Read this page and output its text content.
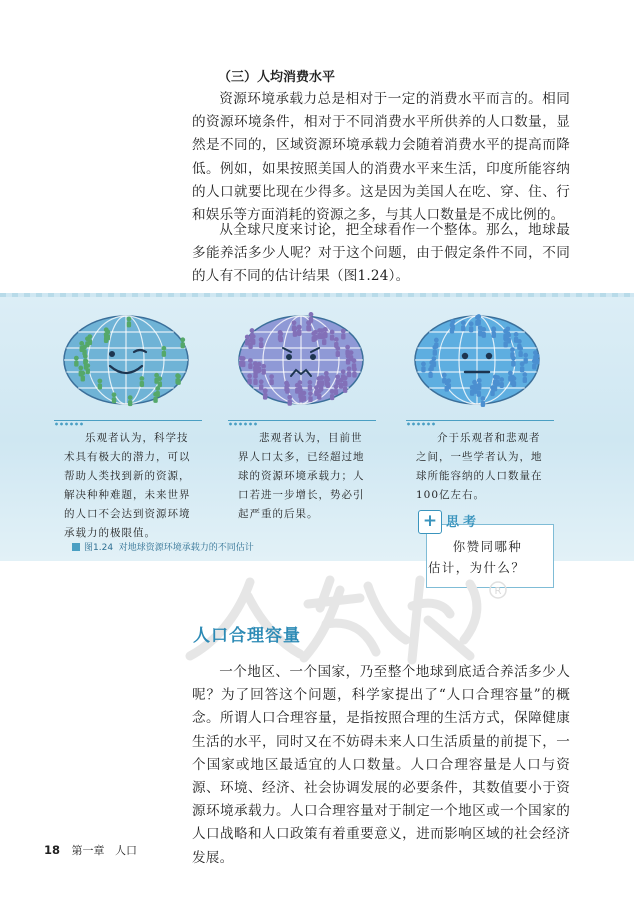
（三）人均消费水平

资源环境承载力总是相对于一定的消费水平而言的。相同的资源环境条件，相对于不同消费水平所供养的人口数量，显然是不同的，区域资源环境承载力会随着消费水平的提高而降低。例如，如果按照美国人的消费水平来生活，印度所能容纳的人口就要比现在少得多。这是因为美国人在吃、穿、住、行和娱乐等方面消耗的资源之多，与其人口数量是不成比例的。

从全球尺度来讨论，把全球看作一个整体。那么，地球最多能养活多少人呢？对于这个问题，由于假定条件不同，不同的人有不同的估计结果（图1.24）。

乐观者认为，科学技术具有极大的潜力，可以帮助人类找到新的资源，解决种种难题，未来世界的人口不会达到资源环境承载力的极限值。

悲观者认为，目前世界人口太多，已经超过地球的资源环境承载力；人口若进一步增长，势必引起严重的后果。

介于乐观者和悲观者之间，一些学者认为，地球所能容纳的人口数量在100亿左右。

图1.24 对地球资源环境承载力的不同估计
+ 思考
你赞同哪种
估计，为什么？
R
人口合理容量

一个地区、一个国家，乃至整个地球到底适合养活多少人呢？为了回答这个问题，科学家提出了“人口合理容量”的概念。所谓人口合理容量，是指按照合理的生活方式，保障健康生活的水平，同时又在不妨碍未来人口生活质量的前提下，一个国家或地区最适宜的人口数量。人口合理容量是人口与资源、环境、经济、社会协调发展的必要条件，其数值要小于资源环境承载力。人口合理容量对于制定一个地区或一个国家的人口战略和人口政策有着重要意义，进而影响区域的社会经济发展。

18 第一章 人口
